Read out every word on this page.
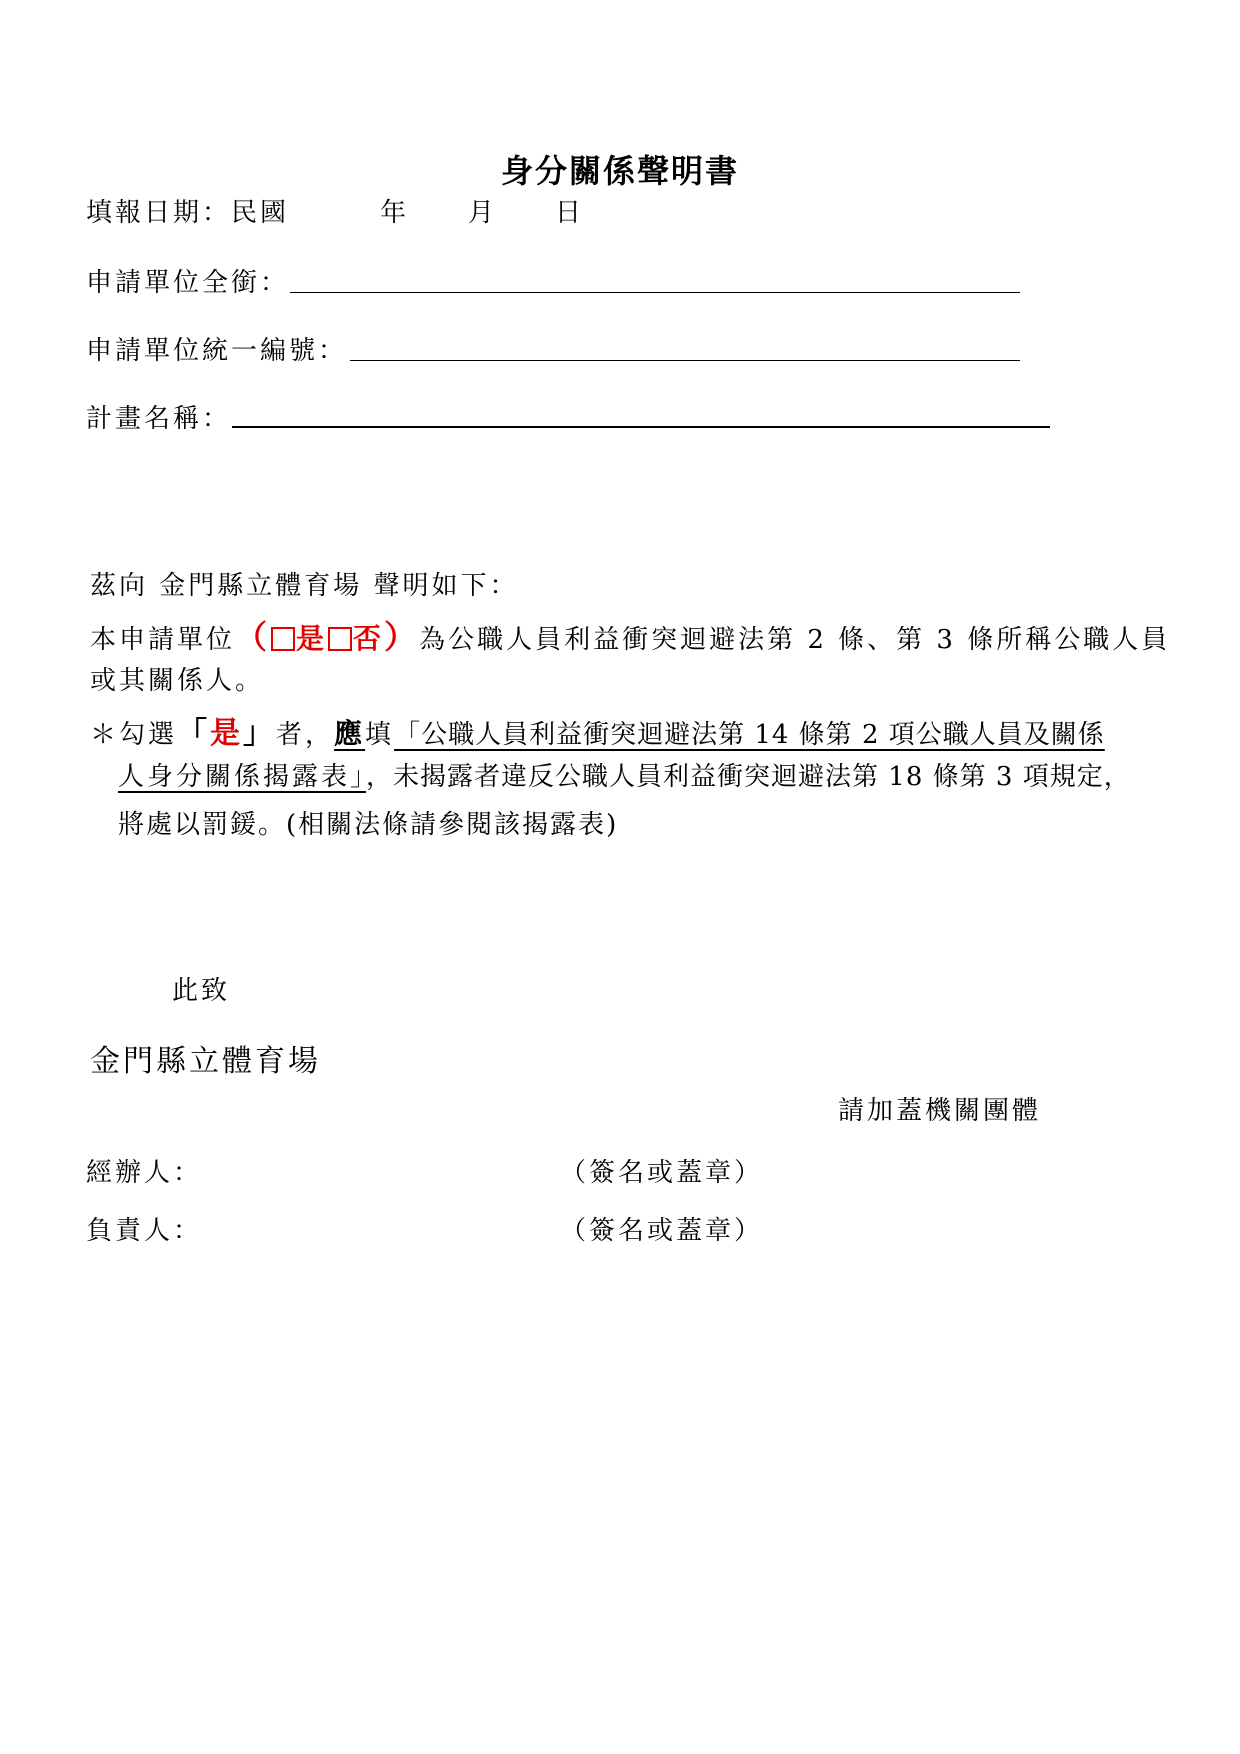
身分關係聲明書
填報日期：民國	年 月 日
申請單位全銜：
申請單位統一編號：
計畫名稱：
茲向 金門縣立體育場 聲明如下：
本申請單位（ 是 否）為公職人員利益衝突迴避法第 2 條、第 3 條所稱公職人員
或其關係人。
＊勾選「是」者，應填「公職人員利益衝突迴避法第 14 條第 2 項公職人員及關係
人身分關係揭露表」，未揭露者違反公職人員利益衝突迴避法第 18 條第 3 項規定，
將處以罰鍰。(相關法條請參閱該揭露表)
此致
金門縣立體育場
請加蓋機關團體
經辦人：	（簽名或蓋章）
負責人：	（簽名或蓋章）
